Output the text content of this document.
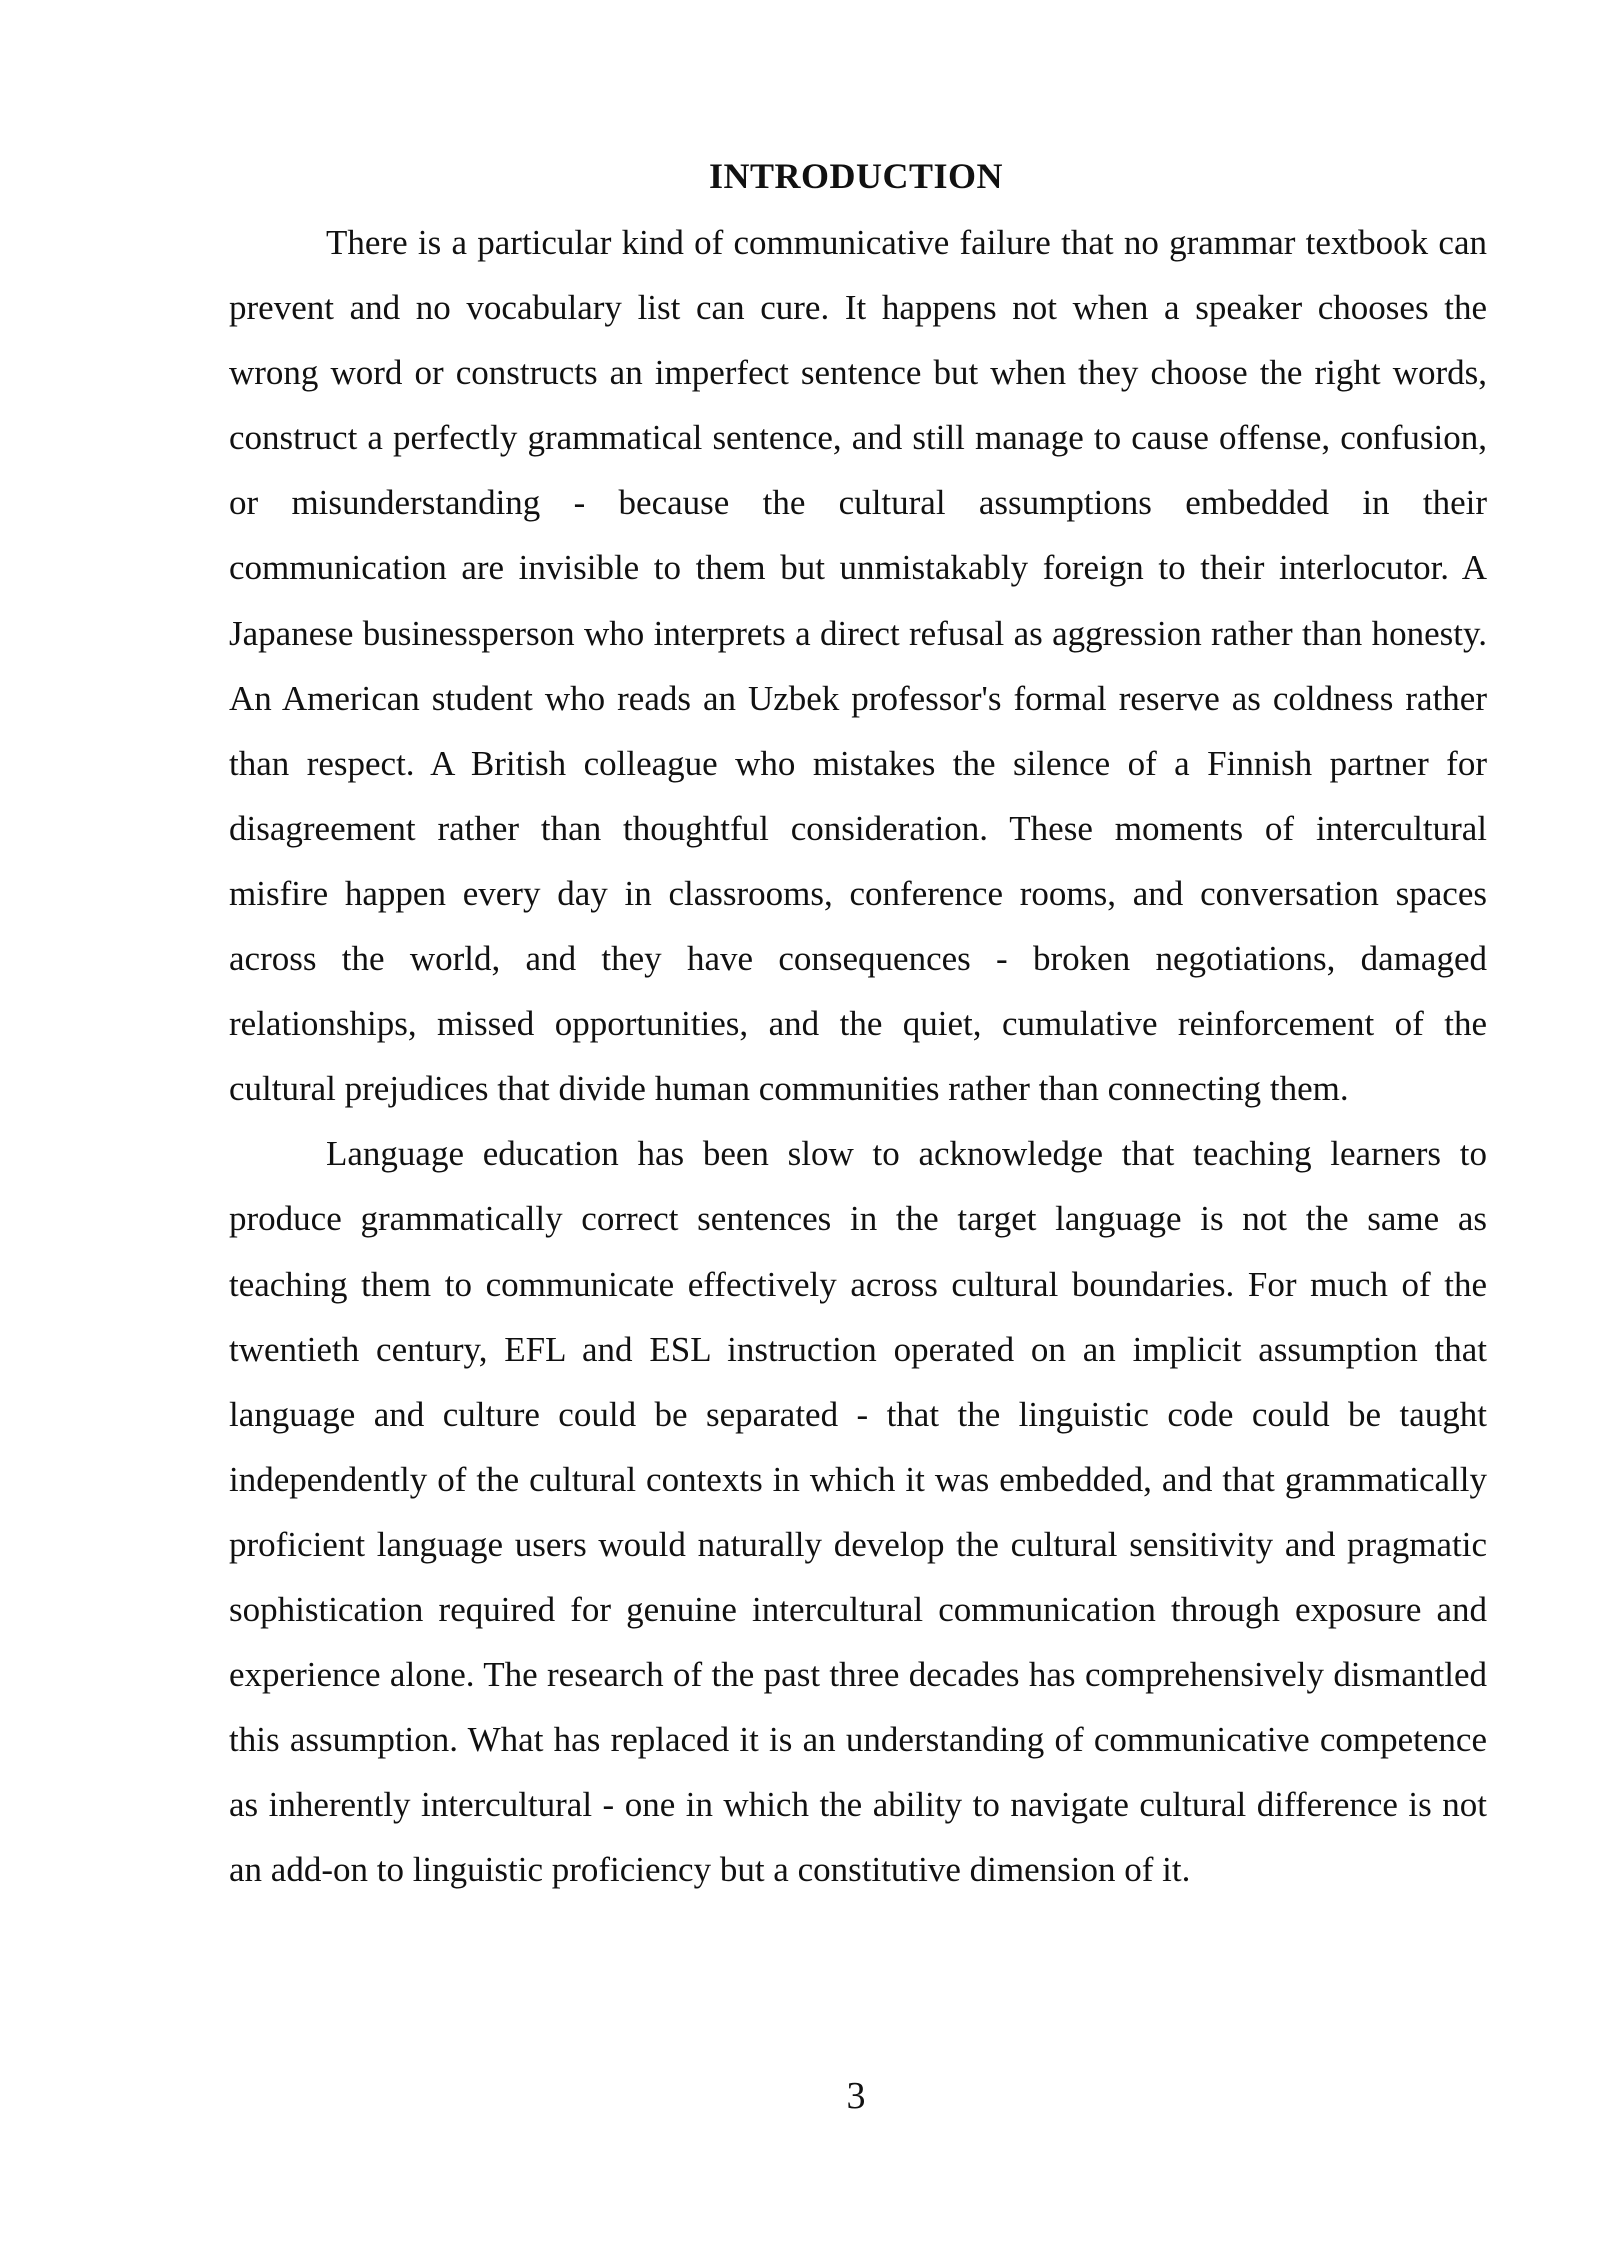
INTRODUCTION

There is a particular kind of communicative failure that no grammar textbook can prevent and no vocabulary list can cure. It happens not when a speaker chooses the wrong word or constructs an imperfect sentence but when they choose the right words, construct a perfectly grammatical sentence, and still manage to cause offense, confusion, or misunderstanding - because the cultural assumptions embedded in their communication are invisible to them but unmistakably foreign to their interlocutor. A Japanese businessperson who interprets a direct refusal as aggression rather than honesty. An American student who reads an Uzbek professor's formal reserve as coldness rather than respect. A British colleague who mistakes the silence of a Finnish partner for disagreement rather than thoughtful consideration. These moments of intercultural misfire happen every day in classrooms, conference rooms, and conversation spaces across the world, and they have consequences - broken negotiations, damaged relationships, missed opportunities, and the quiet, cumulative reinforcement of the cultural prejudices that divide human communities rather than connecting them.

Language education has been slow to acknowledge that teaching learners to produce grammatically correct sentences in the target language is not the same as teaching them to communicate effectively across cultural boundaries. For much of the twentieth century, EFL and ESL instruction operated on an implicit assumption that language and culture could be separated - that the linguistic code could be taught independently of the cultural contexts in which it was embedded, and that grammatically proficient language users would naturally develop the cultural sensitivity and pragmatic sophistication required for genuine intercultural communication through exposure and experience alone. The research of the past three decades has comprehensively dismantled this assumption. What has replaced it is an understanding of communicative competence as inherently intercultural - one in which the ability to navigate cultural difference is not an add-on to linguistic proficiency but a constitutive dimension of it.

3
